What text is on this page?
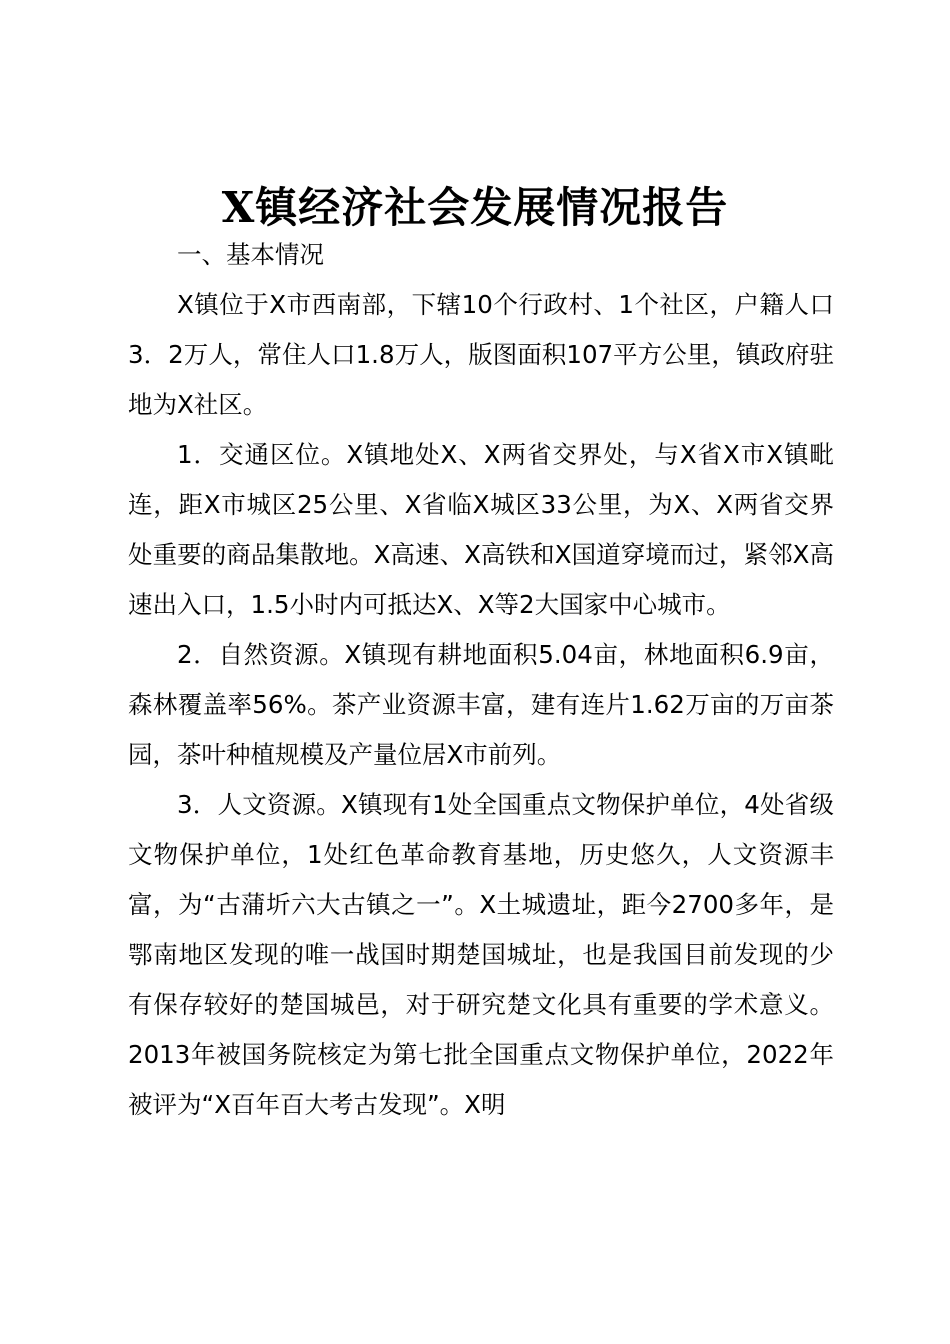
X镇经济社会发展情况报告

一、基本情况

X镇位于X市西南部，下辖10个行政村、1个社区，户籍人口3．2万人，常住人口1.8万人，版图面积107平方公里，镇政府驻地为X社区。

1．交通区位。X镇地处X、X两省交界处，与X省X市X镇毗连，距X市城区25公里、X省临X城区33公里，为X、X两省交界处重要的商品集散地。X高速、X高铁和X国道穿境而过，紧邻X高速出入口，1.5小时内可抵达X、X等2大国家中心城市。

2．自然资源。X镇现有耕地面积5.04亩，林地面积6.9亩，森林覆盖率56%。茶产业资源丰富，建有连片1.62万亩的万亩茶园，茶叶种植规模及产量位居X市前列。

3．人文资源。X镇现有1处全国重点文物保护单位，4处省级文物保护单位，1处红色革命教育基地，历史悠久，人文资源丰富，为“古蒲圻六大古镇之一”。X土城遗址，距今2700多年，是鄂南地区发现的唯一战国时期楚国城址，也是我国目前发现的少有保存较好的楚国城邑，对于研究楚文化具有重要的学术意义。2013年被国务院核定为第七批全国重点文物保护单位，2022年被评为“X百年百大考古发现”。X明
